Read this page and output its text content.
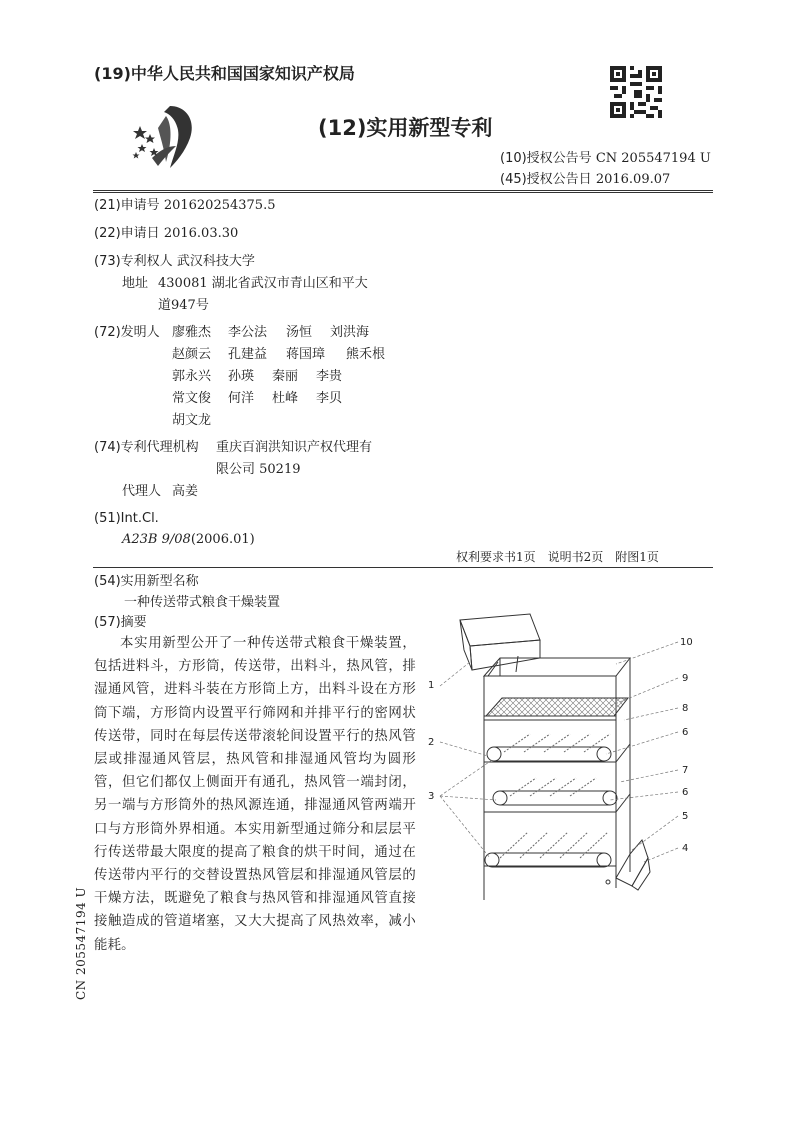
(19)中华人民共和国国家知识产权局
(12)实用新型专利
(10)授权公告号 CN 205547194 U
(45)授权公告日 2016.09.07
(21)申请号 201620254375.5
(22)申请日 2016.03.30
(73)专利权人 武汉科技大学
地址 430081 湖北省武汉市青山区和平大
道947号
(72)发明人 廖雅杰 李公法 汤恒 刘洪海
赵颜云 孔建益 蒋国璋 熊禾根
郭永兴 孙瑛 秦丽 李贵
常文俊 何洋 杜峰 李贝
胡文龙
(74)专利代理机构 重庆百润洪知识产权代理有
限公司 50219
代理人 高姜
(51)Int.Cl.
A23B 9/08(2006.01)
权利要求书1页　说明书2页　附图1页
(54)实用新型名称
一种传送带式粮食干燥装置
(57)摘要
本实用新型公开了一种传送带式粮食干燥装置，包括进料斗，方形筒，传送带，出料斗，热风管，排湿通风管，进料斗装在方形筒上方，出料斗设在方形筒下端，方形筒内设置平行筛网和并排平行的密网状传送带，同时在每层传送带滚轮间设置平行的热风管层或排湿通风管层，热风管和排湿通风管均为圆形管，但它们都仅上侧面开有通孔，热风管一端封闭，另一端与方形筒外的热风源连通，排湿通风管两端开口与方形筒外界相通。本实用新型通过筛分和层层平行传送带最大限度的提高了粮食的烘干时间，通过在传送带内平行的交替设置热风管层和排湿通风管层的干燥方法，既避免了粮食与热风管和排湿通风管直接接触造成的管道堵塞，又大大提高了风热效率，减小能耗。
CN 205547194 U
1
2
3
4
5
6
6
7
8
9
10
